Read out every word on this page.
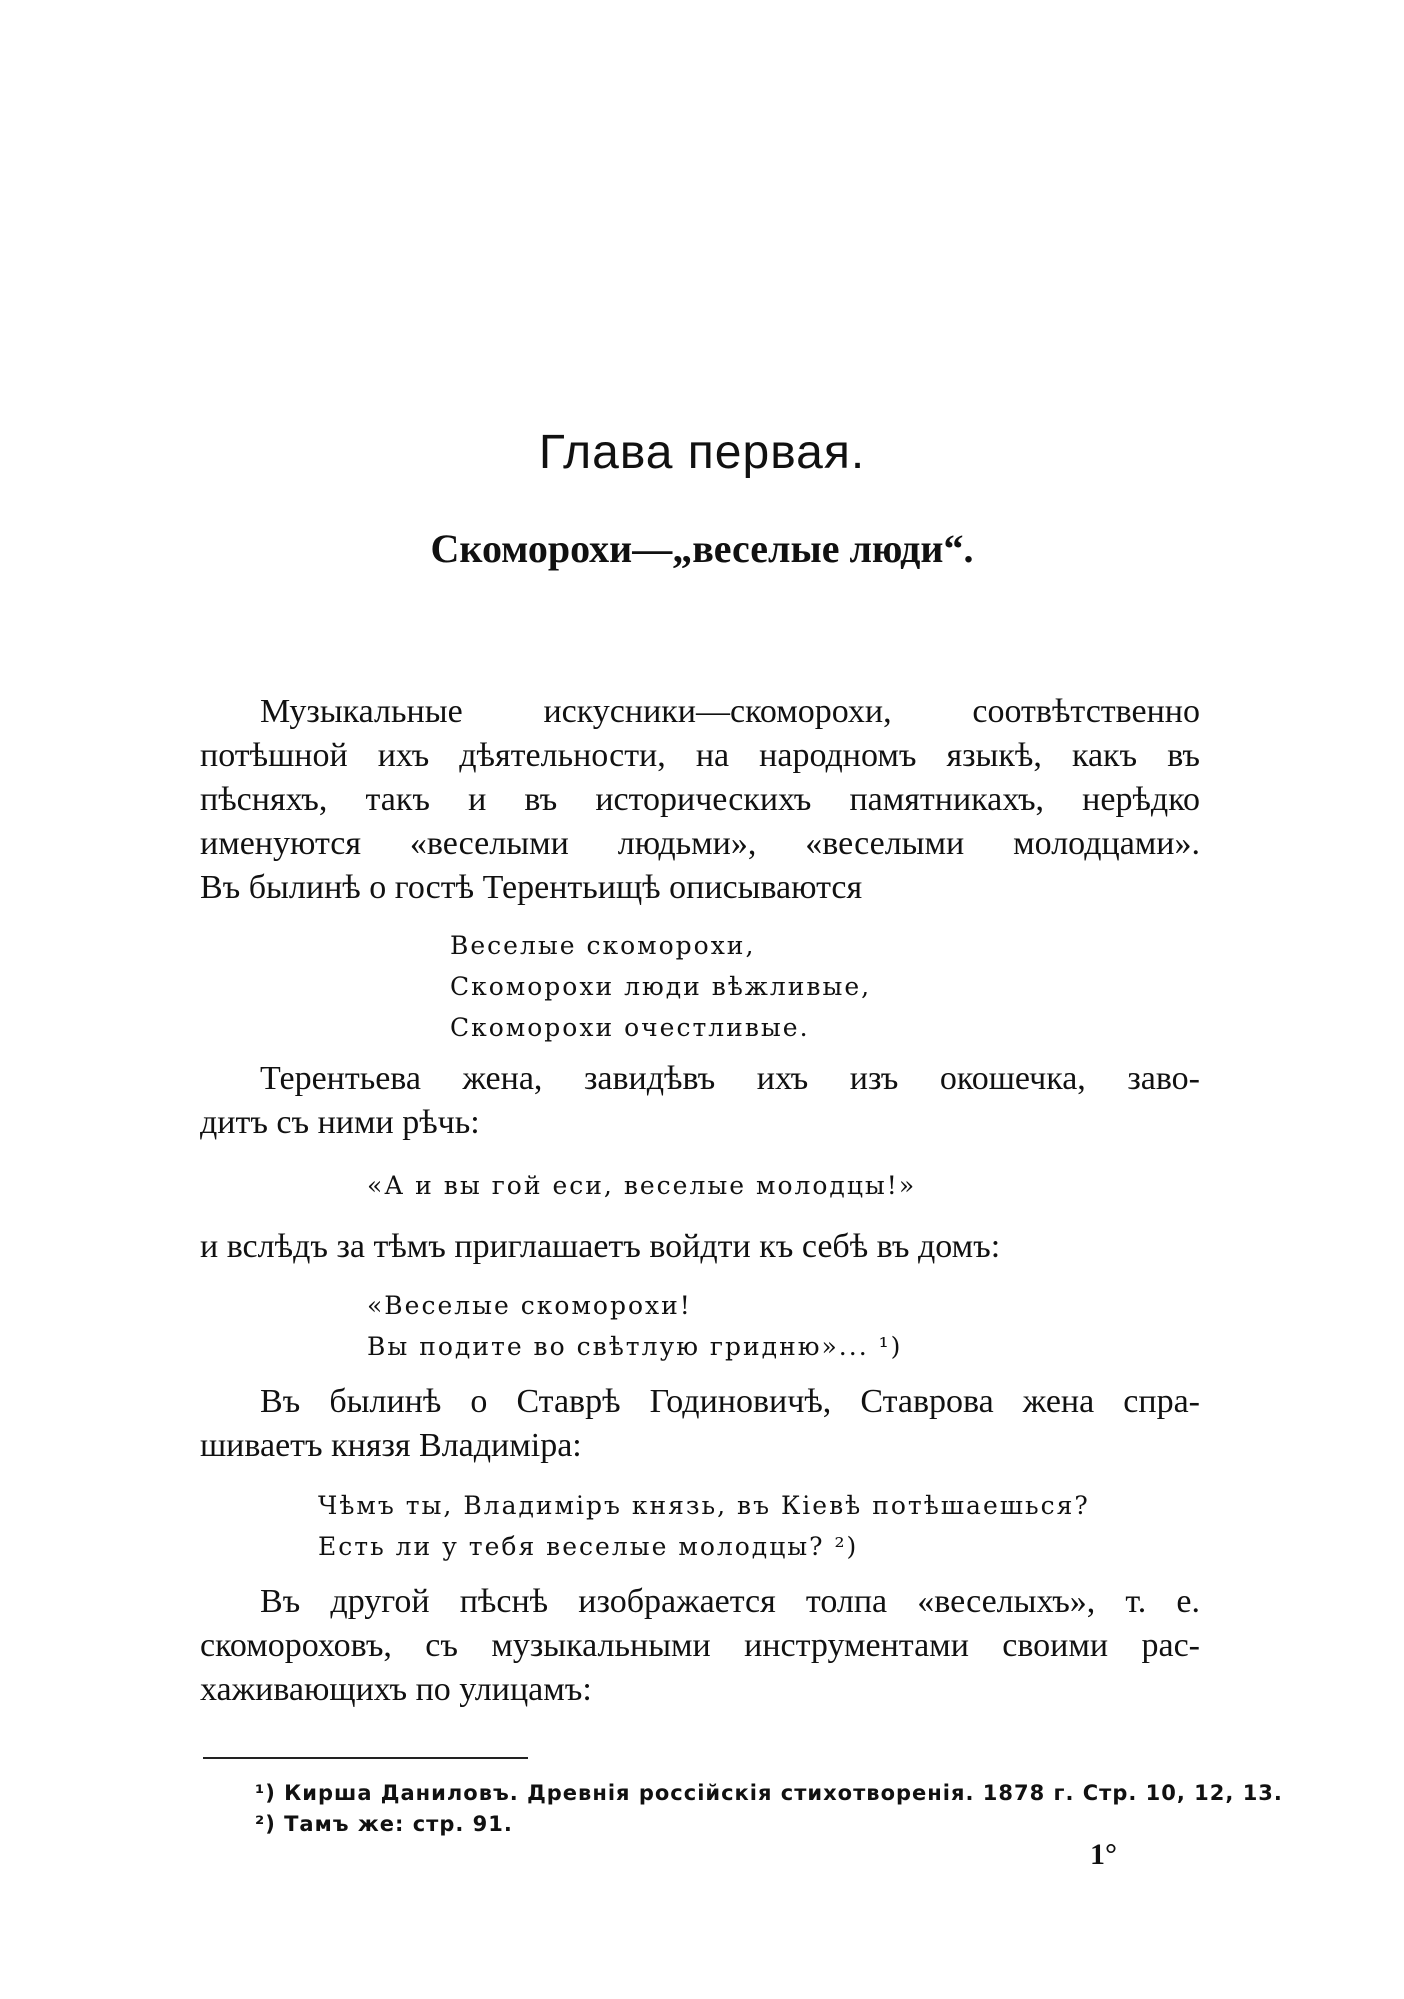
Глава первая.
Скоморохи—„веселые люди“.

Музыкальные искусники—скоморохи, соотвѣтственно
потѣшной ихъ дѣятельности, на народномъ языкѣ, какъ въ
пѣсняхъ, такъ и въ историческихъ памятникахъ, нерѣдко
именуются «веселыми людьми», «веселыми молодцами».
Въ былинѣ о гостѣ Терентьищѣ описываются

Веселые скоморохи,
Скоморохи люди вѣжливые,
Скоморохи очестливые.

Терентьева жена, завидѣвъ ихъ изъ окошечка, заво-
дитъ съ ними рѣчь:

«А и вы гой еси, веселые молодцы!»

и вслѣдъ за тѣмъ приглашаетъ войдти къ себѣ въ домъ:

«Веселые скоморохи!
Вы подите во свѣтлую гридню»... ¹)

Въ былинѣ о Ставрѣ Годиновичѣ, Ставрова жена спра-
шиваетъ князя Владиміра:

Чѣмъ ты, Владиміръ князь, въ Кіевѣ потѣшаешься?
Есть ли у тебя веселые молодцы? ²)

Въ другой пѣснѣ изображается толпа «веселыхъ», т. е.
скомороховъ, съ музыкальными инструментами своими рас-
хаживающихъ по улицамъ:

¹) Кирша Даниловъ. Древнія россійскія стихотворенія. 1878 г. Стр. 10, 12, 13.
²) Тамъ же: стр. 91.
1°
